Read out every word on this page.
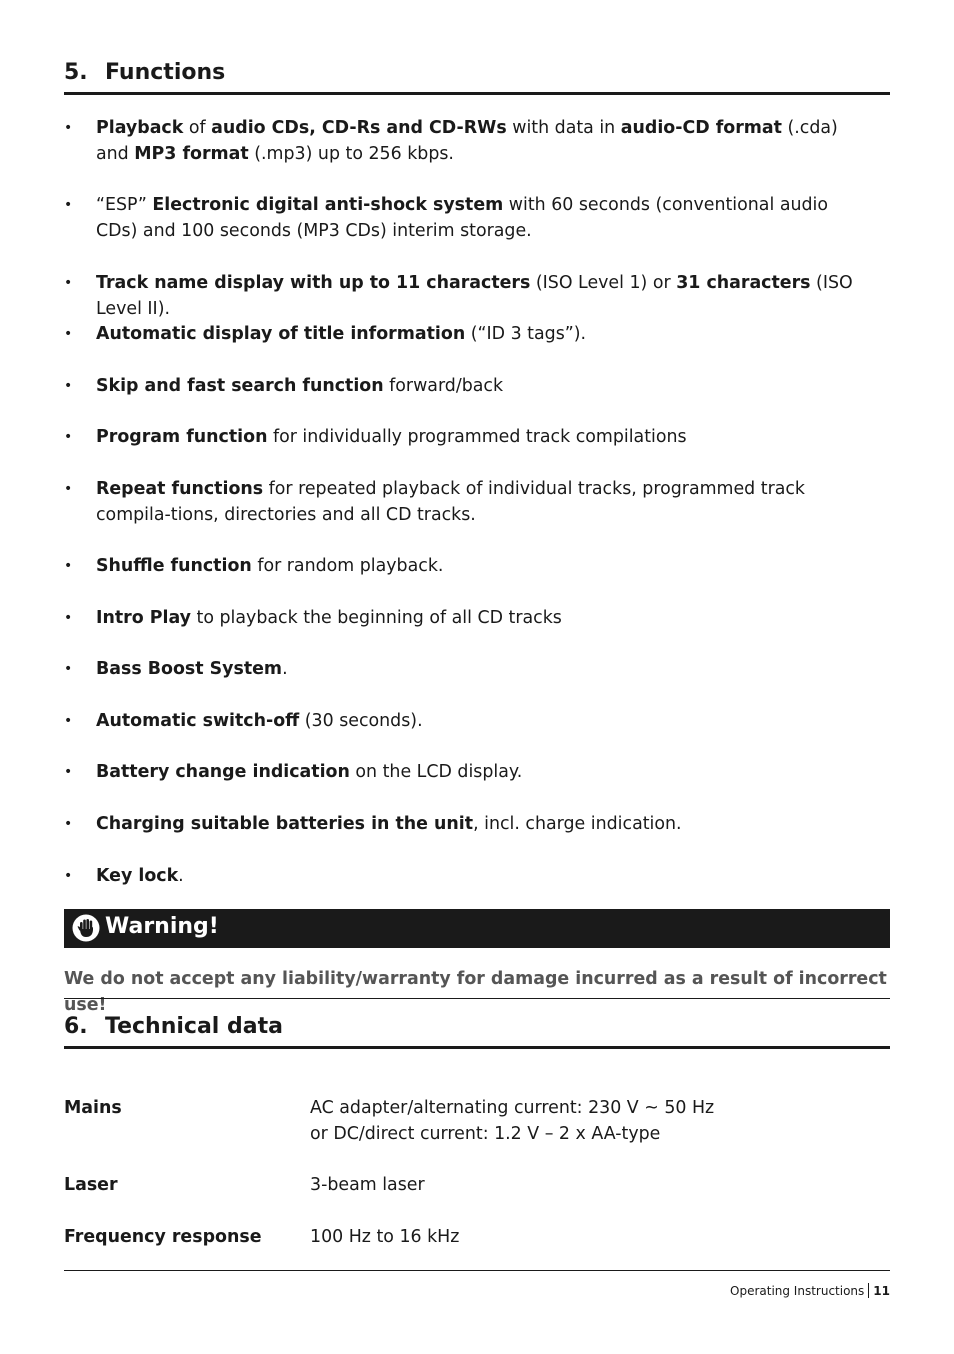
5. Functions
• Playback of audio CDs, CD-Rs and CD-RWs with data in audio-CD format (.cda) and MP3 format (.mp3) up to 256 kbps.
• “ESP” Electronic digital anti-shock system with 60 seconds (conventional audio CDs) and 100 seconds (MP3 CDs) interim storage.
• Track name display with up to 11 characters (ISO Level 1) or 31 characters (ISO Level II).
• Automatic display of title information (“ID 3 tags”).
• Skip and fast search function forward/back
• Program function for individually programmed track compilations
• Repeat functions for repeated playback of individual tracks, programmed track compila-tions, directories and all CD tracks.
• Shuffle function for random playback.
• Intro Play to playback the beginning of all CD tracks
• Bass Boost System.
• Automatic switch-off (30 seconds).
• Battery change indication on the LCD display.
• Charging suitable batteries in the unit, incl. charge indication.
• Key lock.
Warning!
We do not accept any liability/warranty for damage incurred as a result of incorrect use!
6. Technical data
Mains	AC adapter/alternating current: 230 V ~ 50 Hz
or DC/direct current: 1.2 V – 2 x AA-type
Laser	3-beam laser
Frequency response	100 Hz to 16 kHz
Operating Instructions 11
